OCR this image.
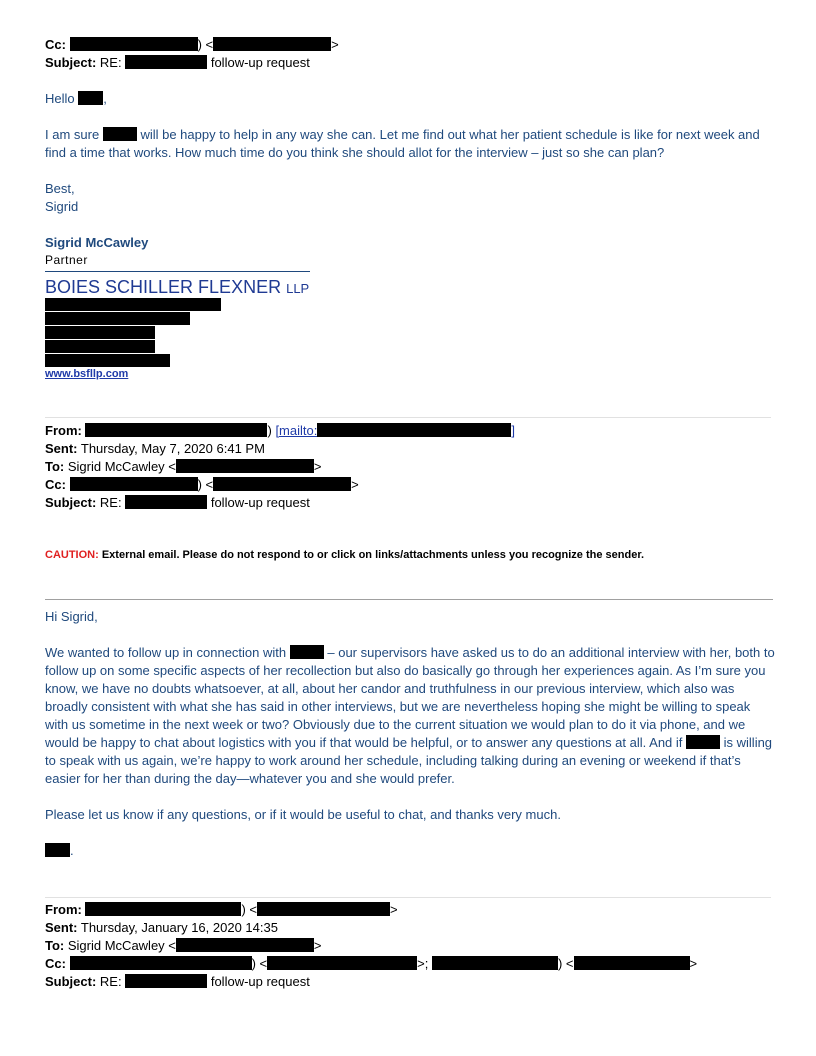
Cc:	) <	>
Subject: RE:	follow-up request
Hello ,
I am sure	will be happy to help in any way she can. Let me find out what her patient schedule is like for next week and find a time that works. How much time do you think she should allot for the interview – just so she can plan?
Best,
Sigrid
Sigrid McCawley
Partner
BOIES SCHILLER FLEXNER LLP
www.bsfllp.com
From:	) [mailto:	]
Sent: Thursday, May 7, 2020 6:41 PM
To: Sigrid McCawley <	>
Cc:	) <	>
Subject: RE:	follow-up request
CAUTION: External email. Please do not respond to or click on links/attachments unless you recognize the sender.
Hi Sigrid,
We wanted to follow up in connection with	– our supervisors have asked us to do an additional interview with her, both to follow up on some specific aspects of her recollection but also do basically go through her experiences again. As I’m sure you know, we have no doubts whatsoever, at all, about her candor and truthfulness in our previous interview, which also was broadly consistent with what she has said in other interviews, but we are nevertheless hoping she might be willing to speak with us sometime in the next week or two? Obviously due to the current situation we would plan to do it via phone, and we would be happy to chat about logistics with you if that would be helpful, or to answer any questions at all. And if	is willing to speak with us again, we’re happy to work around her schedule, including talking during an evening or weekend if that’s easier for her than during the day—whatever you and she would prefer.
Please let us know if any questions, or if it would be useful to chat, and thanks very much.
.
From:	) <	>
Sent: Thursday, January 16, 2020 14:35
To: Sigrid McCawley <	>
Cc:	) <	>;	) <	>
Subject: RE:	follow-up request
